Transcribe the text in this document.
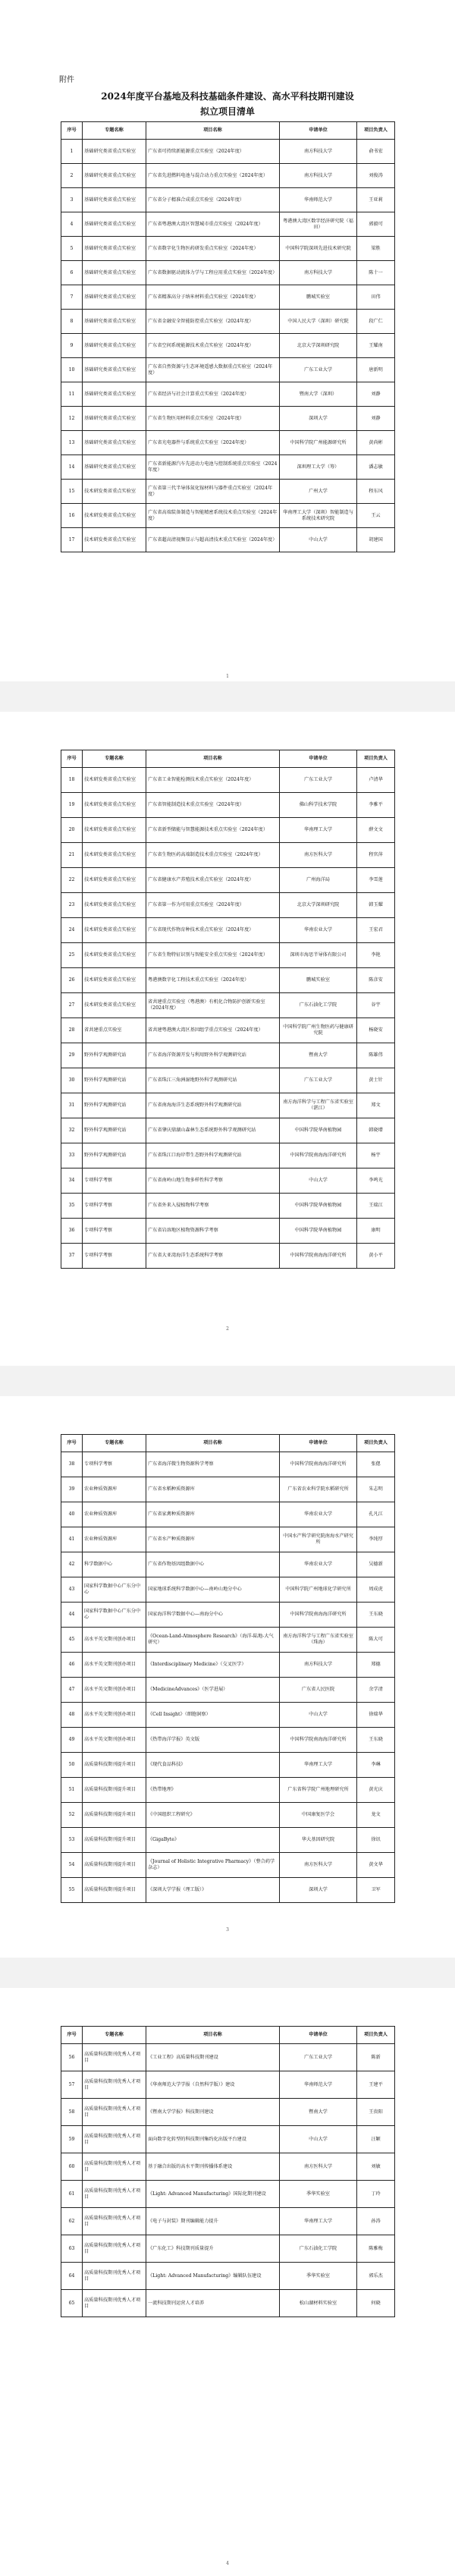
附件
2024年度平台基地及科技基础条件建设、高水平科技期刊建设
拟立项目清单
序号	专题名称	项目名称	申请单位	项目负责人
1	基础研究类省重点实验室	广东省可持续新能源重点实验室（2024年度）	南方科技大学	俞书宏
2	基础研究类省重点实验室	广东省先进燃料电池与混合动力重点实验室（2024年度）	南方科技大学	刘俊涛
3	基础研究类省重点实验室	广东省分子精准合成重点实验室（2024年度）	华南师范大学	王亚莉
4	基础研究类省重点实验室	广东省粤港澳大湾区智慧城市重点实验室（2024年度）	粤港澳大湾区数字经济研究院（福田）	郭毅可
5	基础研究类省重点实验室	广东省数字化生物医药研发重点实验室（2024年度）	中国科学院深圳先进技术研究院	梁胜
6	基础研究类省重点实验室	广东省数据驱动流体力学与工程应用重点实验室（2024年度）	南方科技大学	陈十一
7	基础研究类省重点实验室	广东省精准高分子纳米材料重点实验室（2024年度）	鹏城实验室	田伟
8	基础研究类省重点实验室	广东省金融安全智能防控重点实验室（2024年度）	中国人民大学（深圳）研究院	段广仁
9	基础研究类省重点实验室	广东省空间系统能源技术重点实验室（2024年度）	北京大学深圳研究院	王耀南
10	基础研究类省重点实验室	广东省自然资源与生态环境遥感大数据重点实验室（2024年度）	广东工业大学	唐新明
11	基础研究类省重点实验室	广东省经济与社会计算重点实验室（2024年度）	暨南大学（深圳）	刘静
12	基础研究类省重点实验室	广东省生物医用材料重点实验室（2024年度）	深圳大学	刘静
13	基础研究类省重点实验室	广东省光电器件与系统重点实验室（2024年度）	中国科学院广州能源研究所	黄尚彬
14	基础研究类省重点实验室	广东省新能源汽车先进动力电池与控制系统重点实验室（2024年度）	深圳理工大学（筹）	潘志敏
15	技术研发类省重点实验室	广东省第三代半导体氮化镓材料与器件重点实验室（2024年度）	广州大学	程东风
16	技术研发类省重点实验室	广东省高端装备制造与智能精密系统技术重点实验室（2024年度）	华南理工大学（深圳）智能制造与系统技术研究院	王云
17	技术研发类省重点实验室	广东省超高清视频显示与超高清技术重点实验室（2024年度）	中山大学	胡建国
1
序号	专题名称	项目名称	申请单位	项目负责人
18	技术研发类省重点实验室	广东省工业智能检测技术重点实验室（2024年度）	广东工业大学	卢清华
19	技术研发类省重点实验室	广东省智能制造技术重点实验室（2024年度）	佛山科学技术学院	李雅平
20	技术研发类省重点实验室	广东省新型储能与智慧能源技术重点实验室（2024年度）	华南理工大学	薛文文
21	技术研发类省重点实验室	广东省生物医药高端制造技术重点实验室（2024年度）	南方医科大学	程官萍
22	技术研发类省重点实验室	广东省健康水产养殖技术重点实验室（2024年度）	广州海洋局	李雪莲
23	技术研发类省重点实验室	广东省第一作为可用重点实验室（2024年度）	北京大学深圳研究院	韩玉耀
24	技术研发类省重点实验室	广东省现代作物育种技术重点实验室（2024年度）	华南农业大学	王宏君
25	技术研发类省重点实验室	广东省生物特征识别与智能安全重点实验室（2024年度）	深圳市海思半导体有限公司	李艳
26	技术研发类省重点实验室	粤港澳数字化工程技术重点实验室（2024年度）	鹏城实验室	陈彦安
27	技术研发类省重点实验室	省共建重点实验室（粤港澳）有机化合物防护创新实验室（2024年度）	广东石油化工学院	谷宇
28	省共建重点实验室	省共建粤港澳大湾区基因组学重点实验室（2024年度）	中国科学院广州生物医药与健康研究院	杨晓安
29	野外科学观测研究站	广东省海洋资源开发与利用野外科学观测研究站	暨南大学	陈雄伟
30	野外科学观测研究站	广东省珠江三角洲湿地野外科学观测研究站	广东工业大学	黄士针
31	野外科学观测研究站	广东省南海海洋生态系统野外科学观测研究站	南方海洋科学与工程广东省实验室（湛江）	郑文
32	野外科学观测研究站	广东省肇庆鼎湖山森林生态系统野外科学观测研究站	中国科学院华南植物园	韩晓增
33	野外科学观测研究站	广东省珠江口海岸带生态野外科学观测研究站	中国科学院南海海洋研究所	杨宇
34	专项科学考察	广东省南岭山地生物多样性科学考察	中山大学	李鸣光
35	专项科学考察	广东省外来入侵植物科学考察	中国科学院华南植物园	王瑞江
36	专项科学考察	广东省岩溶地区植物资源科学考察	中国科学院华南植物园	康明
37	专项科学考察	广东省大亚湾海洋生态系统科学考察	中国科学院南海海洋研究所	黄小平
2
序号	专题名称	项目名称	申请单位	项目负责人
38	专项科学考察	广东省海洋微生物资源科学考察	中国科学院南海海洋研究所	张偲
39	农业种质资源库	广东省水稻种质资源库	广东省农业科学院水稻研究所	朱志明
40	农业种质资源库	广东省家禽种质资源库	华南农业大学	孔凡江
41	农业种质资源库	广东省水产种质资源库	中国水产科学研究院南海水产研究所	李纯厚
42	科学数据中心	广东省作物基因组数据中心	华南农业大学	吴德新
43	国家科学数据中心广东分中心	国家地球系统科学数据中心—南岭山地分中心	中国科学院广州地球化学研究所	周成虎
44	国家科学数据中心广东分中心	国家海洋科学数据中心—南海分中心	中国科学院南海海洋研究所	王东晓
45	高水平英文期刊创办项目	《Ocean-Land-Atmosphere Research》（海洋-陆地-大气研究）	南方海洋科学与工程广东省实验室（珠海）	陈大可
46	高水平英文期刊创办项目	《Interdisciplinary Medicine》（交叉医学）	南方科技大学	郑德
47	高水平英文期刊创办项目	《MedicineAdvances》（医学进展）	广东省人民医院	余学清
48	高水平英文期刊创办项目	《Cell Insight》（细胞洞察）	中山大学	徐瑞华
49	高水平英文期刊创办项目	《热带海洋学报》英文版	中国科学院南海海洋研究所	王东晓
50	高质量科技期刊提升项目	《现代食品科技》	华南理工大学	李琳
51	高质量科技期刊提升项目	《热带地理》	广东省科学院广州地理研究所	黄光庆
52	高质量科技期刊提升项目	《中国组织工程研究》	中国康复医学会	龙文
53	高质量科技期刊提升项目	《GigaByte》	华大基因研究院	徐讯
54	高质量科技期刊提升项目	《Journal of Holistic Integrative Pharmacy》（整合药学杂志）	南方医科大学	黄文华
55	高质量科技期刊提升项目	《深圳大学学报（理工版）》	深圳大学	卫军
3
序号	专题名称	项目名称	申请单位	项目负责人
56	高质量科技期刊优秀人才项目	《工业工程》高质量科技期刊建设	广东工业大学	陈新
57	高质量科技期刊优秀人才项目	《华南师范大学学报（自然科学版）》建设	华南师范大学	王建平
58	高质量科技期刊优秀人才项目	《暨南大学学报》科技期刊建设	暨南大学	王贵阳
59	高质量科技期刊优秀人才项目	面向数字化转型的科技期刊集约化出版平台建设	中山大学	汪颖
60	高质量科技期刊优秀人才项目	基于融合出版的高水平期刊传播体系建设	南方医科大学	刘敏
61	高质量科技期刊优秀人才项目	《Light: Advanced Manufacturing》国际化期刊建设	季华实验室	丁玲
62	高质量科技期刊优秀人才项目	《电子与封装》期刊编辑能力提升	华南理工大学	孙涛
63	高质量科技期刊优秀人才项目	《广东化工》科技期刊质量提升	广东石油化工学院	陈雅梅
64	高质量科技期刊优秀人才项目	《Light: Advanced Manufacturing》编辑队伍建设	季华实验室	郭乐杰
65	高质量科技期刊优秀人才项目	一流科技期刊运营人才培养	松山湖材料实验室	何晓
4
